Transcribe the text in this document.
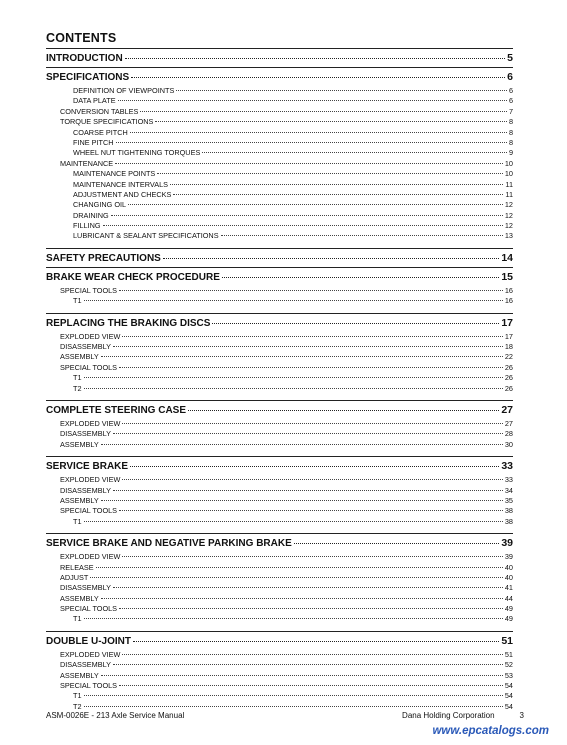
CONTENTS
INTRODUCTION	5
SPECIFICATIONS	6
DEFINITION OF VIEWPOINTS	6
DATA PLATE	6
CONVERSION TABLES	7
TORQUE SPECIFICATIONS	8
COARSE PITCH	8
FINE PITCH	8
WHEEL NUT TIGHTENING TORQUES	9
MAINTENANCE	10
MAINTENANCE POINTS	10
MAINTENANCE INTERVALS	11
ADJUSTMENT AND CHECKS	11
CHANGING OIL	12
DRAINING	12
FILLING	12
LUBRICANT & SEALANT SPECIFICATIONS	13
SAFETY PRECAUTIONS	14
BRAKE WEAR CHECK PROCEDURE	15
SPECIAL TOOLS	16
T1	16
REPLACING THE BRAKING DISCS	17
EXPLODED VIEW	17
DISASSEMBLY	18
ASSEMBLY	22
SPECIAL TOOLS	26
T1	26
T2	26
COMPLETE STEERING CASE	27
EXPLODED VIEW	27
DISASSEMBLY	28
ASSEMBLY	30
SERVICE BRAKE	33
EXPLODED VIEW	33
DISASSEMBLY	34
ASSEMBLY	35
SPECIAL TOOLS	38
T1	38
SERVICE BRAKE AND NEGATIVE PARKING BRAKE	39
EXPLODED VIEW	39
RELEASE	40
ADJUST	40
DISASSEMBLY	41
ASSEMBLY	44
SPECIAL TOOLS	49
T1	49
DOUBLE U-JOINT	51
EXPLODED VIEW	51
DISASSEMBLY	52
ASSEMBLY	53
SPECIAL TOOLS	54
T1	54
T2	54
ASM-0026E - 213 Axle Service Manual	Dana Holding Corporation	3
www.epcatalogs.com
